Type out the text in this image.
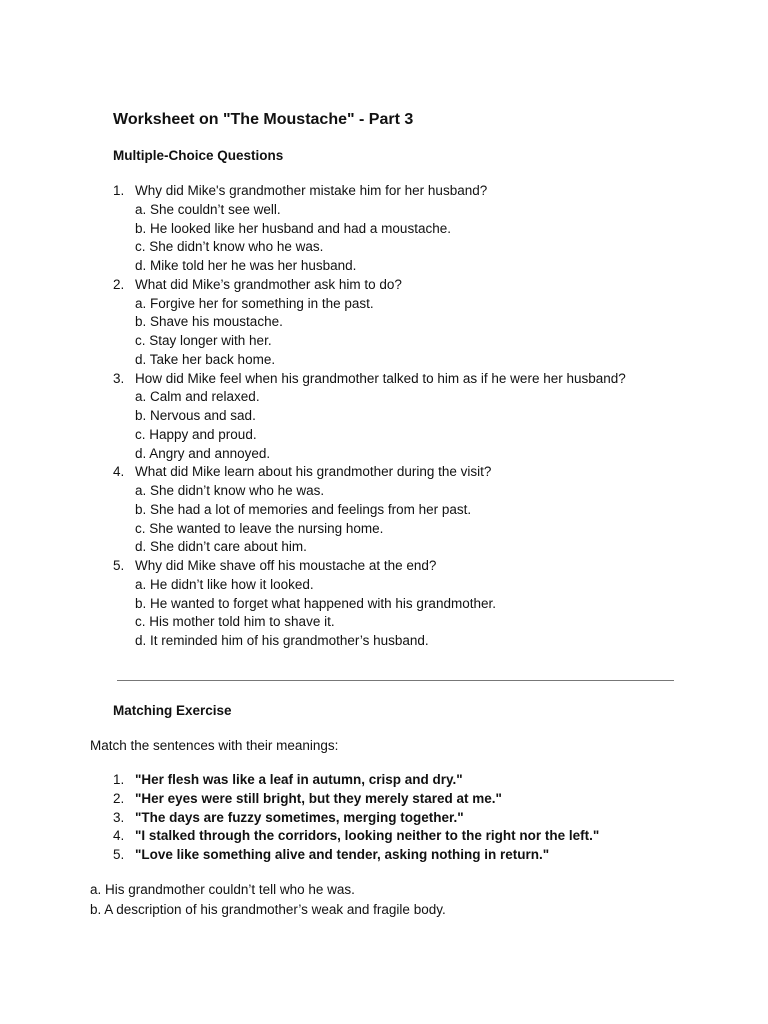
Worksheet on "The Moustache" - Part 3
Multiple-Choice Questions
1. Why did Mike's grandmother mistake him for her husband?
a. She couldn’t see well.
b. He looked like her husband and had a moustache.
c. She didn’t know who he was.
d. Mike told her he was her husband.
2. What did Mike’s grandmother ask him to do?
a. Forgive her for something in the past.
b. Shave his moustache.
c. Stay longer with her.
d. Take her back home.
3. How did Mike feel when his grandmother talked to him as if he were her husband?
a. Calm and relaxed.
b. Nervous and sad.
c. Happy and proud.
d. Angry and annoyed.
4. What did Mike learn about his grandmother during the visit?
a. She didn’t know who he was.
b. She had a lot of memories and feelings from her past.
c. She wanted to leave the nursing home.
d. She didn’t care about him.
5. Why did Mike shave off his moustache at the end?
a. He didn’t like how it looked.
b. He wanted to forget what happened with his grandmother.
c. His mother told him to shave it.
d. It reminded him of his grandmother’s husband.
Matching Exercise
Match the sentences with their meanings:
1. "Her flesh was like a leaf in autumn, crisp and dry."
2. "Her eyes were still bright, but they merely stared at me."
3. "The days are fuzzy sometimes, merging together."
4. "I stalked through the corridors, looking neither to the right nor the left."
5. "Love like something alive and tender, asking nothing in return."
a. His grandmother couldn’t tell who he was.
b. A description of his grandmother’s weak and fragile body.
